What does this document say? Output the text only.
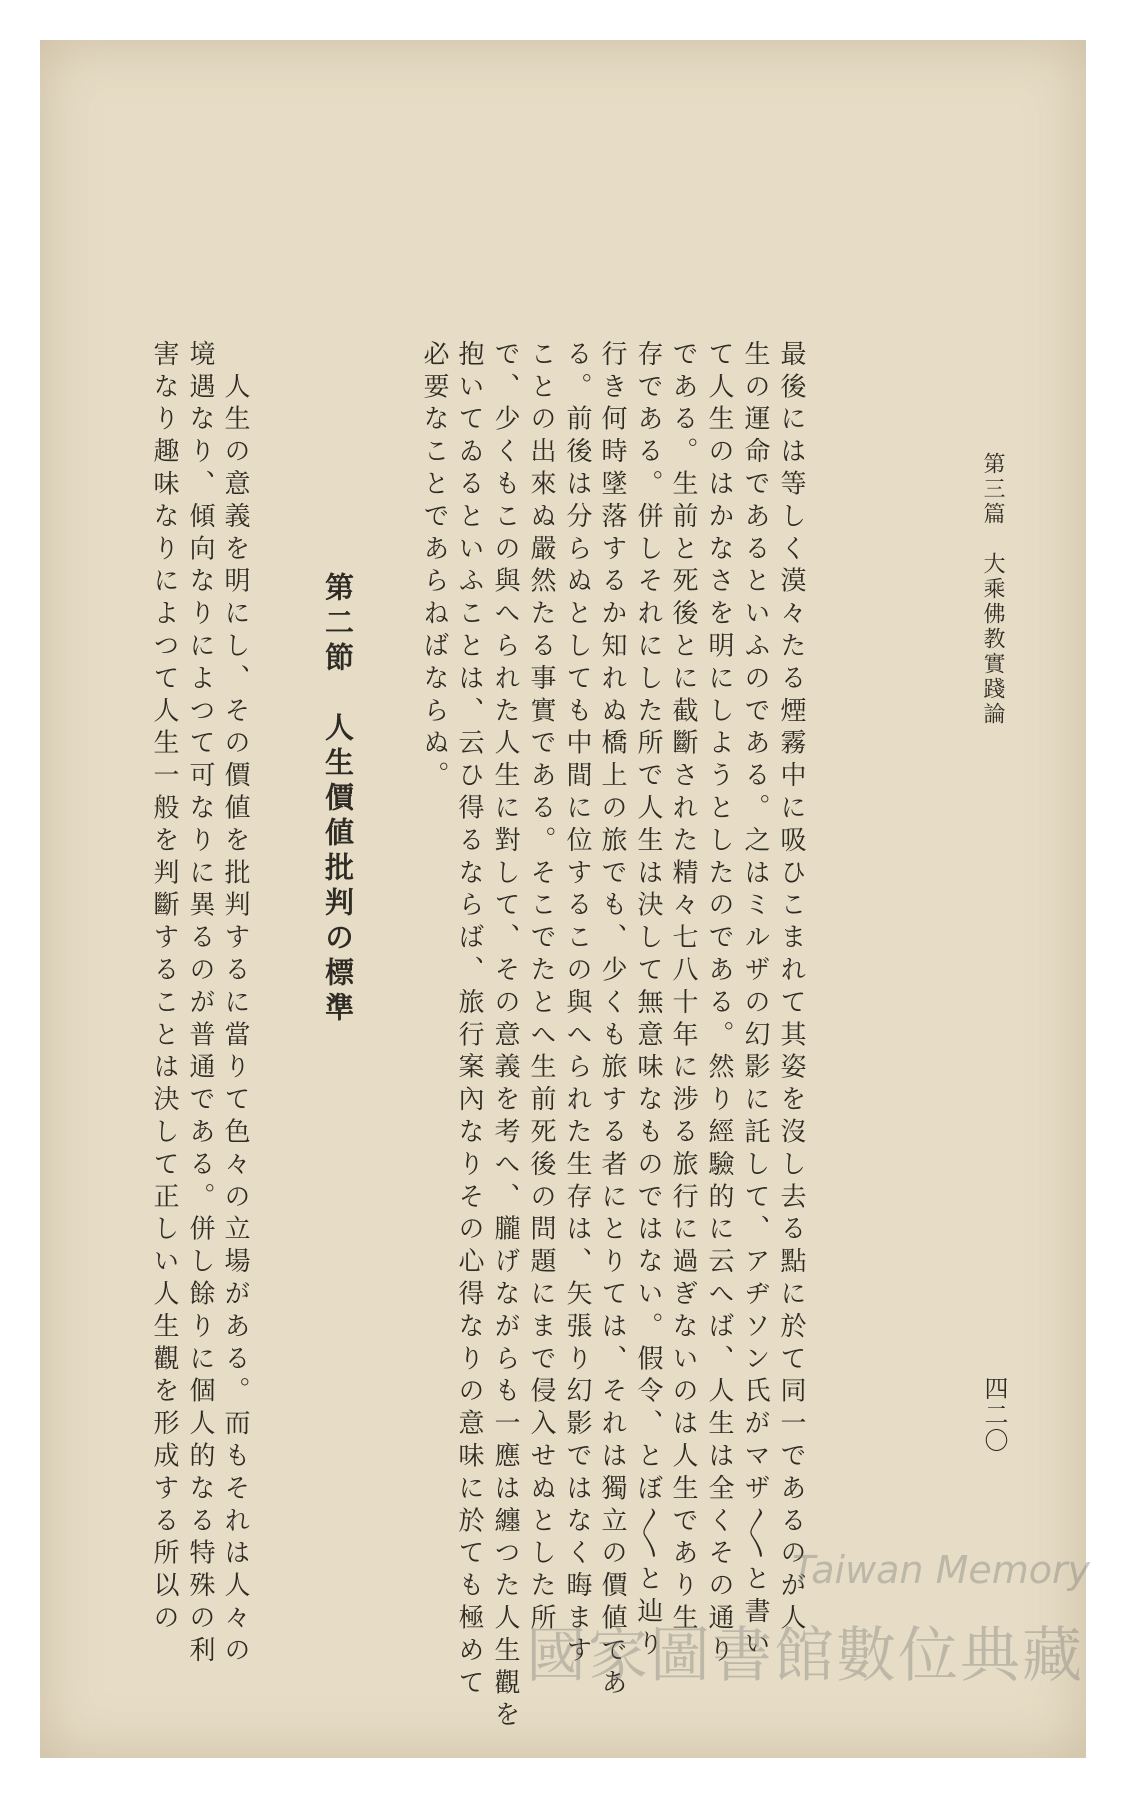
第三篇　大乘佛教實踐論
四二〇
最後には等しく漠々たる煙霧中に吸ひこまれて其姿を沒し去る點に於て同一であるのが人
生の運命であるといふのである。之はミルザの幻影に託して、アヂソン氏がマザ〳〵と書い
て人生のはかなさを明にしようとしたのである。然り經驗的に云へば、人生は全くその通り
である。生前と死後とに截斷された精々七八十年に涉る旅行に過ぎないのは人生であり生
存である。併しそれにした所で人生は決して無意味なものではない。假令、とぼ〳〵と辿り
行き何時墜落するか知れぬ橋上の旅でも、少くも旅する者にとりては、それは獨立の價値であ
る。前後は分らぬとしても中間に位するこの與へられた生存は、矢張り幻影ではなく晦ます
ことの出來ぬ嚴然たる事實である。そこでたとへ生前死後の問題にまで侵入せぬとした所
で、少くもこの與へられた人生に對して、その意義を考へ、朧げながらも一應は纏つた人生觀を
抱いてゐるといふことは、云ひ得るならば、旅行案內なりその心得なりの意味に於ても極めて
必要なことであらねばならぬ。
第二節　人生價値批判の標準
　人生の意義を明にし、その價値を批判するに當りて色々の立場がある。而もそれは人々の
境遇なり、傾向なりによつて可なりに異るのが普通である。併し餘りに個人的なる特殊の利
害なり趣味なりによつて人生一般を判斷することは決して正しい人生觀を形成する所以の	Taiwan Memory
國家圖書館數位典藏
